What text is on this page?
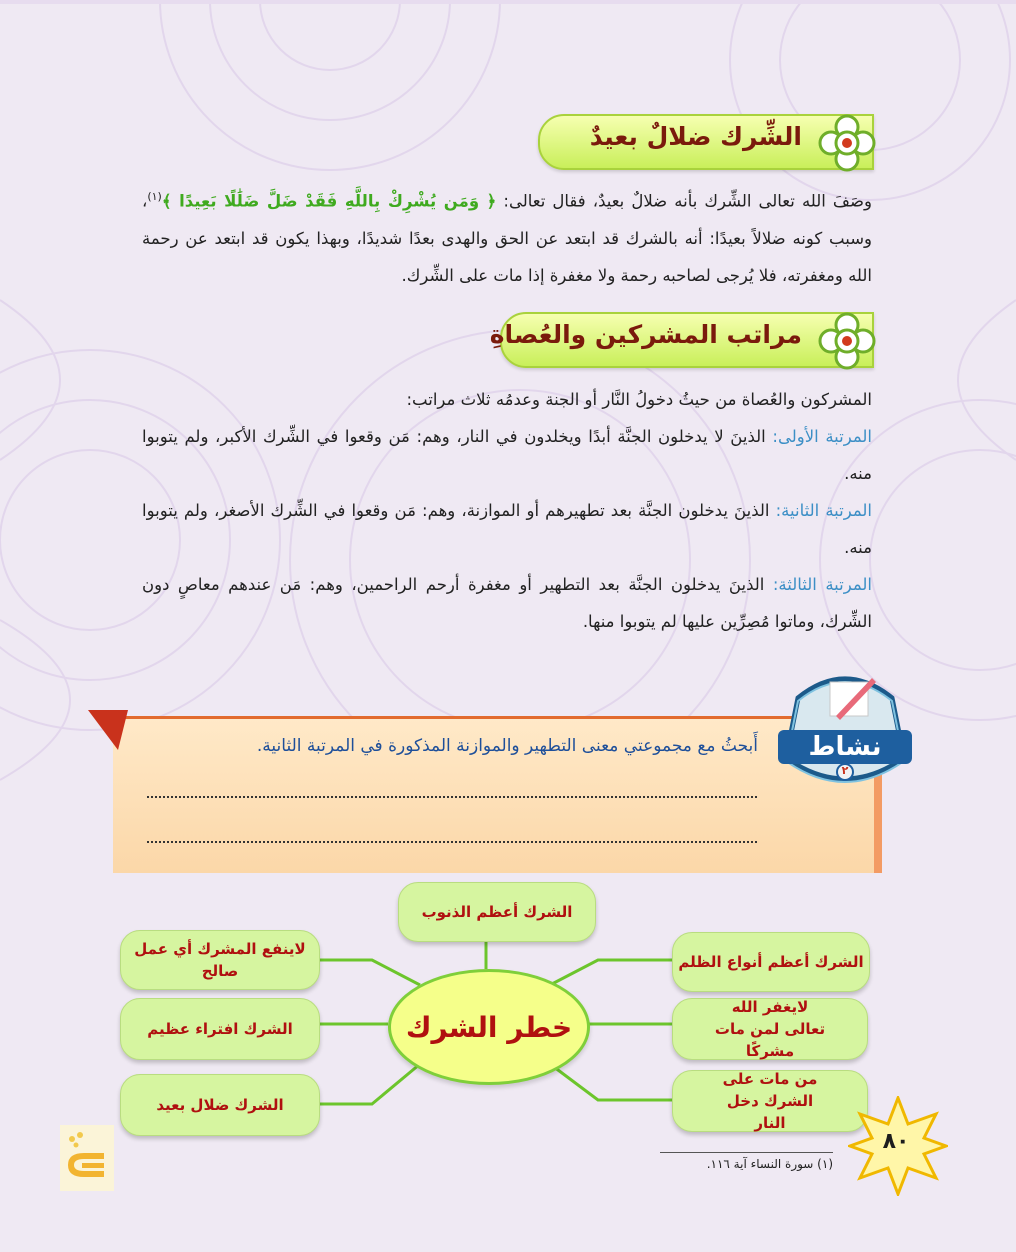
الشِّرك ضلالٌ بعيدٌ

وصَفَ الله تعالى الشِّرك بأنه ضلالٌ بعيدٌ، فقال تعالى: ﴿ وَمَن يُشْرِكْ بِاللَّهِ فَقَدْ ضَلَّ ضَلَٰلًا بَعِيدًا ﴾$^{(١)}$، وسبب كونه ضلالاً بعيدًا: أنه بالشرك قد ابتعد عن الحق والهدى بعدًا شديدًا، وبهذا يكون قد ابتعد عن رحمة الله ومغفرته، فلا يُرجى لصاحبه رحمة ولا مغفرة إذا مات على الشِّرك.

مراتب المشركين والعُصاةِ

المشركون والعُصاة من حيثُ دخولُ النَّار أو الجنة وعدمُه ثلاث مراتب:

المرتبة الأولى: الذينَ لا يدخلون الجنَّة أبدًا ويخلدون في النار، وهم: مَن وقعوا في الشِّرك الأكبر، ولم يتوبوا منه.

المرتبة الثانية: الذينَ يدخلون الجنَّة بعد تطهيرهم أو الموازنة، وهم: مَن وقعوا في الشِّرك الأصغر، ولم يتوبوا منه.

المرتبة الثالثة: الذينَ يدخلون الجنَّة بعد التطهير أو مغفرة أرحم الراحمين، وهم: مَن عندهم معاصٍ دون الشِّرك، وماتوا مُصِرِّين عليها لم يتوبوا منها.

أَبحثُ مع مجموعتي معنى التطهير والموازنة المذكورة في المرتبة الثانية.	نشاط
٢
الشرك أعظم الذنوب
خطر الشرك
الشرك أعظم أنواع الظلم
لايغفر الله تعالى لمن مات مشركًا
من مات على الشرك دخل النار
لاينفع المشرك أي عمل صالح
الشرك افتراء عظيم
الشرك ضلال بعيد
٨٠
(١) سورة النساء آية ١١٦.
